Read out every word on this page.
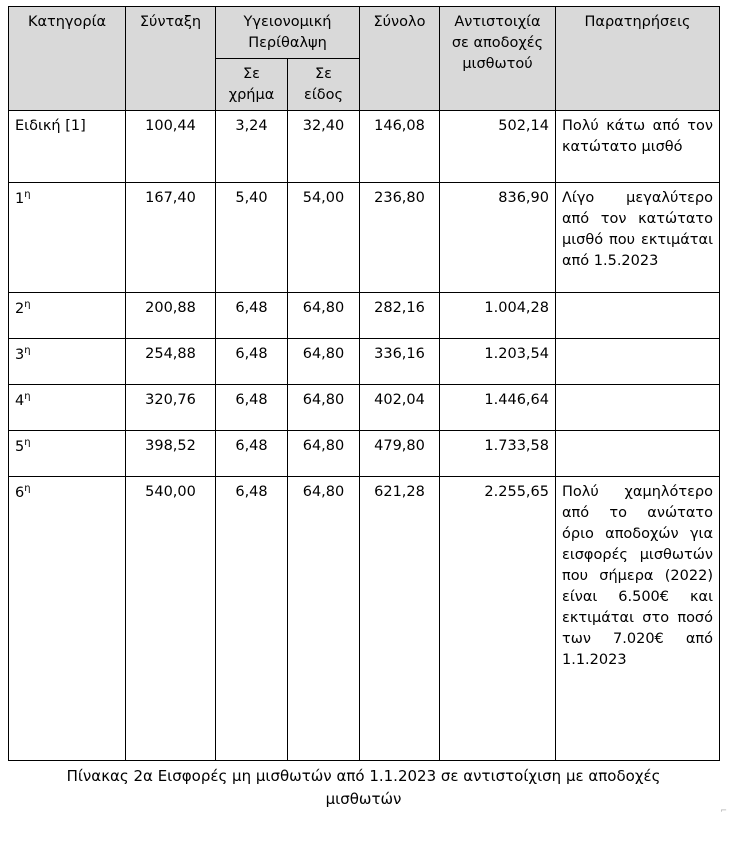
Κατηγορία	Σύνταξη	Υγειονομική Περίθαλψη		Σύνολο	Αντιστοιχία σε αποδοχές μισθωτού	Παρατηρήσεις
		Σε χρήμα	Σε είδος			
Ειδική [1]	100,44	3,24	32,40	146,08	502,14	Πολύ κάτω από τον κατώτατο μισθό
$1^\eta$	167,40	5,40	54,00	236,80	836,90	Λίγο μεγαλύτερο από τον κατώτατο μισθό που εκτιμάται από 1.5.2023
$2^\eta$	200,88	6,48	64,80	282,16	1.004,28	
$3^\eta$	254,88	6,48	64,80	336,16	1.203,54	
$4^\eta$	320,76	6,48	64,80	402,04	1.446,64	
$5^\eta$	398,52	6,48	64,80	479,80	1.733,58	
$6^\eta$	540,00	6,48	64,80	621,28	2.255,65	Πολύ χαμηλότερο από το ανώτατο όριο αποδοχών για εισφορές μισθωτών που σήμερα (2022) είναι 6.500€ και εκτιμάται στο ποσό των 7.020€ από 1.1.2023
Πίνακας 2α Εισφορές μη μισθωτών από 1.1.2023 σε αντιστοίχιση με αποδοχές μισθωτών
⌐
